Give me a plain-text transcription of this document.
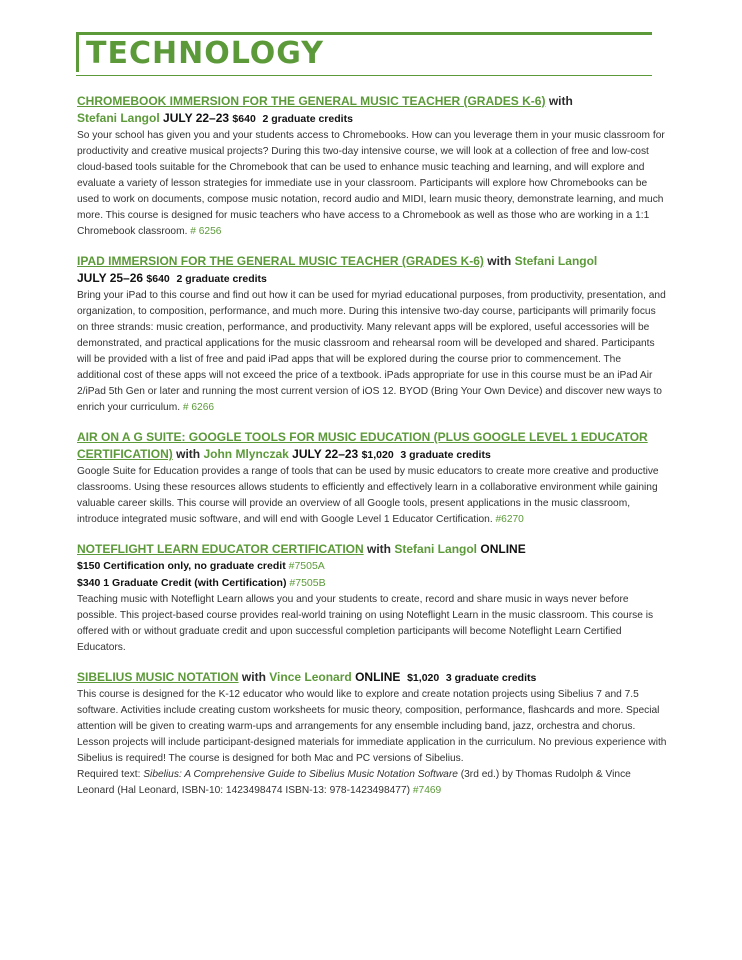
TECHNOLOGY
CHROMEBOOK IMMERSION FOR THE GENERAL MUSIC TEACHER (GRADES K-6) with
Stefani Langol JULY 22–23 $640 2 graduate credits
So your school has given you and your students access to Chromebooks. How can you leverage them in your music classroom for productivity and creative musical projects? During this two-day intensive course, we will look at a collection of free and low-cost cloud-based tools suitable for the Chromebook that can be used to enhance music teaching and learning, and will explore and evaluate a variety of lesson strategies for immediate use in your classroom. Participants will explore how Chromebooks can be used to work on documents, compose music notation, record audio and MIDI, learn music theory, demonstrate learning, and much more. This course is designed for music teachers who have access to a Chromebook as well as those who are working in a 1:1 Chromebook classroom. # 6256
IPAD IMMERSION FOR THE GENERAL MUSIC TEACHER (GRADES K-6) with Stefani Langol
JULY 25–26 $640 2 graduate credits
Bring your iPad to this course and find out how it can be used for myriad educational purposes, from productivity, presentation, and organization, to composition, performance, and much more. During this intensive two-day course, participants will primarily focus on three strands: music creation, performance, and productivity. Many relevant apps will be explored, useful accessories will be demonstrated, and practical applications for the music classroom and rehearsal room will be developed and shared. Participants will be provided with a list of free and paid iPad apps that will be explored during the course prior to commencement. The additional cost of these apps will not exceed the price of a textbook. iPads appropriate for use in this course must be an iPad Air 2/iPad 5th Gen or later and running the most current version of iOS 12. BYOD (Bring Your Own Device) and discover new ways to enrich your curriculum. # 6266
AIR ON A G SUITE: GOOGLE TOOLS FOR MUSIC EDUCATION (PLUS GOOGLE LEVEL 1 EDUCATOR CERTIFICATION) with John Mlynczak JULY 22–23 $1,020 3 graduate credits
Google Suite for Education provides a range of tools that can be used by music educators to create more creative and productive classrooms. Using these resources allows students to efficiently and effectively learn in a collaborative environment while gaining valuable career skills. This course will provide an overview of all Google tools, present applications in the music classroom, introduce integrated music software, and will end with Google Level 1 Educator Certification. #6270
NOTEFLIGHT LEARN EDUCATOR CERTIFICATION with Stefani Langol ONLINE
$150 Certification only, no graduate credit #7505A
$340 1 Graduate Credit (with Certification) #7505B
Teaching music with Noteflight Learn allows you and your students to create, record and share music in ways never before possible. This project-based course provides real-world training on using Noteflight Learn in the music classroom. This course is offered with or without graduate credit and upon successful completion participants will become Noteflight Learn Certified Educators.
SIBELIUS MUSIC NOTATION with Vince Leonard ONLINE $1,020 3 graduate credits
This course is designed for the K-12 educator who would like to explore and create notation projects using Sibelius 7 and 7.5 software. Activities include creating custom worksheets for music theory, composition, performance, flashcards and more. Special attention will be given to creating warm-ups and arrangements for any ensemble including band, jazz, orchestra and chorus. Lesson projects will include participant-designed materials for immediate application in the curriculum. No previous experience with Sibelius is required! The course is designed for both Mac and PC versions of Sibelius.
Required text: Sibelius: A Comprehensive Guide to Sibelius Music Notation Software (3rd ed.) by Thomas Rudolph & Vince Leonard (Hal Leonard, ISBN-10: 1423498474 ISBN-13: 978-1423498477) #7469
